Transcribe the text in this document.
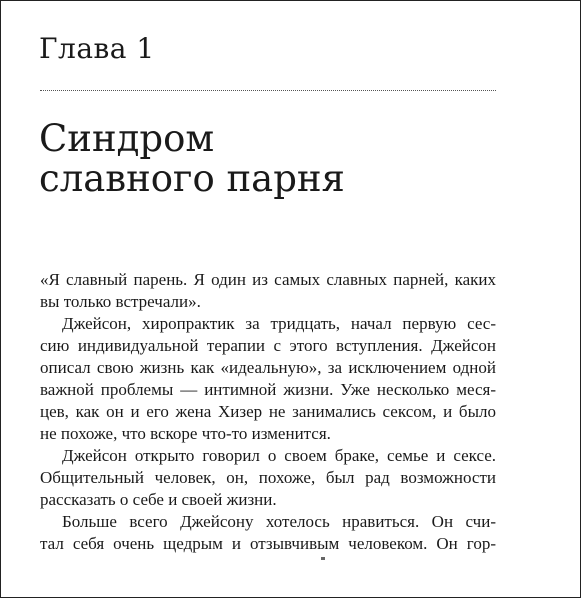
Глава 1
Синдром
славного парня
«Я славный парень. Я один из самых славных парней, каких
вы только встречали».
Джейсон, хиропрактик за тридцать, начал первую сес-
сию индивидуальной терапии с этого вступления. Джейсон
описал свою жизнь как «идеальную», за исключением одной
важной проблемы — интимной жизни. Уже несколько меся-
цев, как он и его жена Хизер не занимались сексом, и было
не похоже, что вскоре что-то изменится.
Джейсон открыто говорил о своем браке, семье и сексе.
Общительный человек, он, похоже, был рад возможности
рассказать о себе и своей жизни.
Больше всего Джейсону хотелось нравиться. Он счи-
тал себя очень щедрым и отзывчивым человеком. Он гор-
